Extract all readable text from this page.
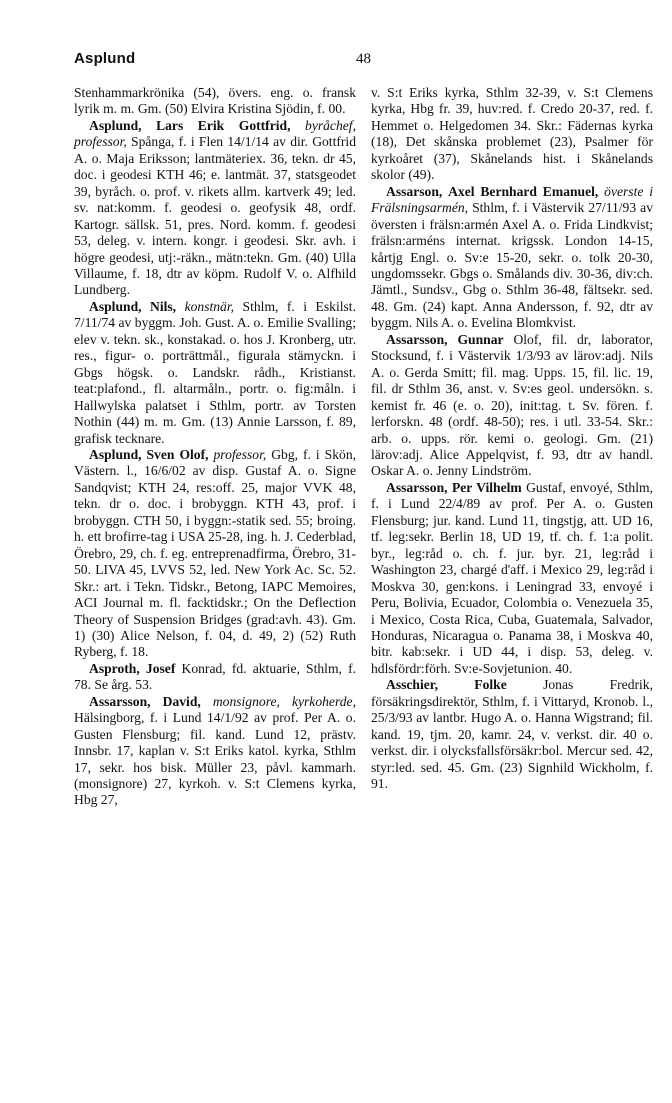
Asplund	48

Stenhammarkrönika (54), övers. eng. o. fransk lyrik m. m. Gm. (50) Elvira Kristina Sjödin, f. 00.

Asplund, Lars Erik Gottfrid, byråchef, professor, Spånga, f. i Flen 14/1/14 av dir. Gottfrid A. o. Maja Eriksson; lantmäteriex. 36, tekn. dr 45, doc. i geodesi KTH 46; e. lantmät. 37, statsgeodet 39, byråch. o. prof. v. rikets allm. kartverk 49; led. sv. nat:komm. f. geodesi o. geofysik 48, ordf. Kartogr. sällsk. 51, pres. Nord. komm. f. geodesi 53, deleg. v. intern. kongr. i geodesi. Skr. avh. i högre geodesi, utj:-räkn., mätn:tekn. Gm. (40) Ulla Villaume, f. 18, dtr av köpm. Rudolf V. o. Alfhild Lundberg.

Asplund, Nils, konstnär, Sthlm, f. i Eskilst. 7/11/74 av byggm. Joh. Gust. A. o. Emilie Svalling; elev v. tekn. sk., konstakad. o. hos J. Kronberg, utr. res., figur- o. porträttmål., figurala stämyckn. i Gbgs högsk. o. Landskr. rådh., Kristianst. teat:plafond., fl. altarmåln., portr. o. fig:måln. i Hallwylska palatset i Sthlm, portr. av Torsten Nothin (44) m. m. Gm. (13) Annie Larsson, f. 89, grafisk tecknare.

Asplund, Sven Olof, professor, Gbg, f. i Skön, Västern. l., 16/6/02 av disp. Gustaf A. o. Signe Sandqvist; KTH 24, res:off. 25, major VVK 48, tekn. dr o. doc. i brobyggn. KTH 43, prof. i brobyggn. CTH 50, i byggn:-statik sed. 55; broing. h. ett brofirre-tag i USA 25-28, ing. h. J. Cederblad, Örebro, 29, ch. f. eg. entreprenadfirma, Örebro, 31-50. LIVA 45, LVVS 52, led. New York Ac. Sc. 52. Skr.: art. i Tekn. Tidskr., Betong, IAPC Memoires, ACI Journal m. fl. facktidskr.; On the Deflection Theory of Suspension Bridges (grad:avh. 43). Gm. 1) (30) Alice Nelson, f. 04, d. 49, 2) (52) Ruth Ryberg, f. 18.

Asproth, Josef Konrad, fd. aktuarie, Sthlm, f. 78. Se årg. 53.

Assarsson, David, monsignore, kyrkoherde, Hälsingborg, f. i Lund 14/1/92 av prof. Per A. o. Gusten Flensburg; fil. kand. Lund 12, prästv. Innsbr. 17, kaplan v. S:t Eriks katol. kyrka, Sthlm 17, sekr. hos bisk. Müller 23, påvl. kammarh. (monsignore) 27, kyrkoh. v. S:t Clemens kyrka, Hbg 27,

v. S:t Eriks kyrka, Sthlm 32-39, v. S:t Clemens kyrka, Hbg fr. 39, huv:red. f. Credo 20-37, red. f. Hemmet o. Helgedomen 34. Skr.: Fädernas kyrka (18), Det skånska problemet (23), Psalmer för kyrkoåret (37), Skånelands hist. i Skånelands skolor (49).

Assarson, Axel Bernhard Emanuel, överste i Frälsningsarmén, Sthlm, f. i Västervik 27/11/93 av översten i frälsn:armén Axel A. o. Frida Lindkvist; frälsn:arméns internat. krigssk. London 14-15, kårtjg Engl. o. Sv:e 15-20, sekr. o. tolk 20-30, ungdomssekr. Gbgs o. Smålands div. 30-36, div:ch. Jämtl., Sundsv., Gbg o. Sthlm 36-48, fältsekr. sed. 48. Gm. (24) kapt. Anna Andersson, f. 92, dtr av byggm. Nils A. o. Evelina Blomkvist.

Assarsson, Gunnar Olof, fil. dr, laborator, Stocksund, f. i Västervik 1/3/93 av lärov:adj. Nils A. o. Gerda Smitt; fil. mag. Upps. 15, fil. lic. 19, fil. dr Sthlm 36, anst. v. Sv:es geol. undersökn. s. kemist fr. 46 (e. o. 20), init:tag. t. Sv. fören. f. lerforskn. 48 (ordf. 48-50); res. i utl. 33-54. Skr.: arb. o. upps. rör. kemi o. geologi. Gm. (21) lärov:adj. Alice Appelqvist, f. 93, dtr av handl. Oskar A. o. Jenny Lindström.

Assarsson, Per Vilhelm Gustaf, envoyé, Sthlm, f. i Lund 22/4/89 av prof. Per A. o. Gusten Flensburg; jur. kand. Lund 11, tingstjg, att. UD 16, tf. leg:sekr. Berlin 18, UD 19, tf. ch. f. 1:a polit. byr., leg:råd o. ch. f. jur. byr. 21, leg:råd i Washington 23, chargé d'aff. i Mexico 29, leg:råd i Moskva 30, gen:kons. i Leningrad 33, envoyé i Peru, Bolivia, Ecuador, Colombia o. Venezuela 35, i Mexico, Costa Rica, Cuba, Guatemala, Salvador, Honduras, Nicaragua o. Panama 38, i Moskva 40, bitr. kab:sekr. i UD 44, i disp. 53, deleg. v. hdlsfördr:förh. Sv:e-Sovjetunion. 40.

Asschier,	Folke	Jonas Fredrik, försäkringsdirektör, Sthlm, f. i Vittaryd, Kronob. l., 25/3/93 av lantbr. Hugo A. o. Hanna Wigstrand; fil. kand. 19, tjm. 20, kamr. 24, v. verkst. dir. 40 o. verkst. dir. i olycksfallsförsäkr:bol. Mercur sed. 42, styr:led. sed. 45. Gm. (23) Signhild Wickholm, f. 91.
